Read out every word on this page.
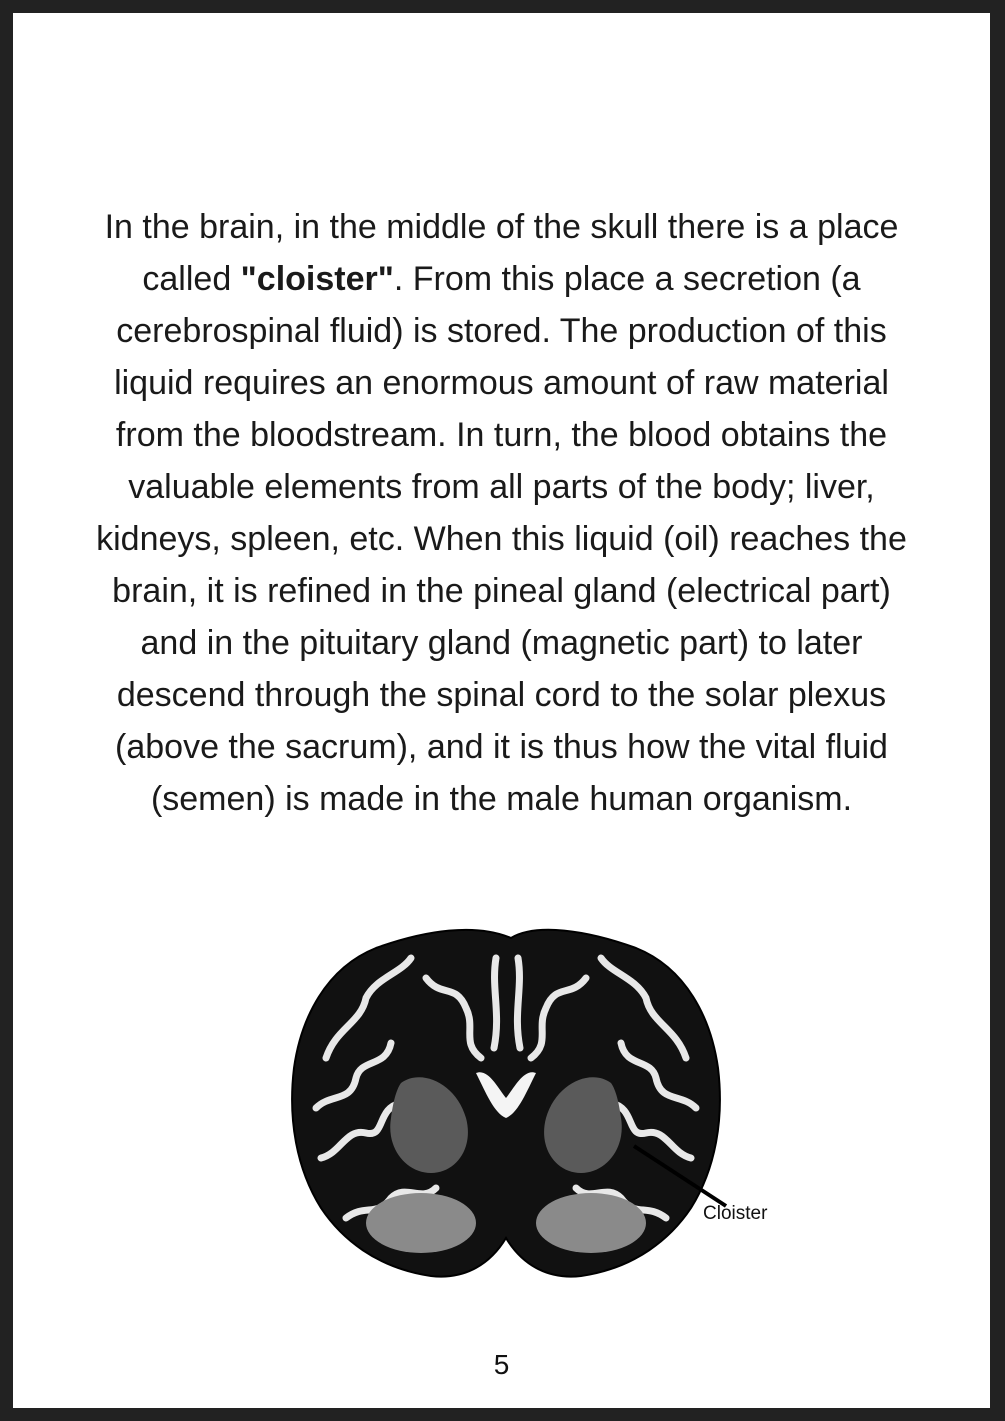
In the brain, in the middle of the skull there is a place called "cloister". From this place a secretion (a cerebrospinal fluid) is stored. The production of this liquid requires an enormous amount of raw material from the bloodstream. In turn, the blood obtains the valuable elements from all parts of the body; liver, kidneys, spleen, etc. When this liquid (oil) reaches the brain, it is refined in the pineal gland (electrical part) and in the pituitary gland (magnetic part) to later descend through the spinal cord to the solar plexus (above the sacrum), and it is thus how the vital fluid (semen) is made in the male human organism.

Cloister
5
